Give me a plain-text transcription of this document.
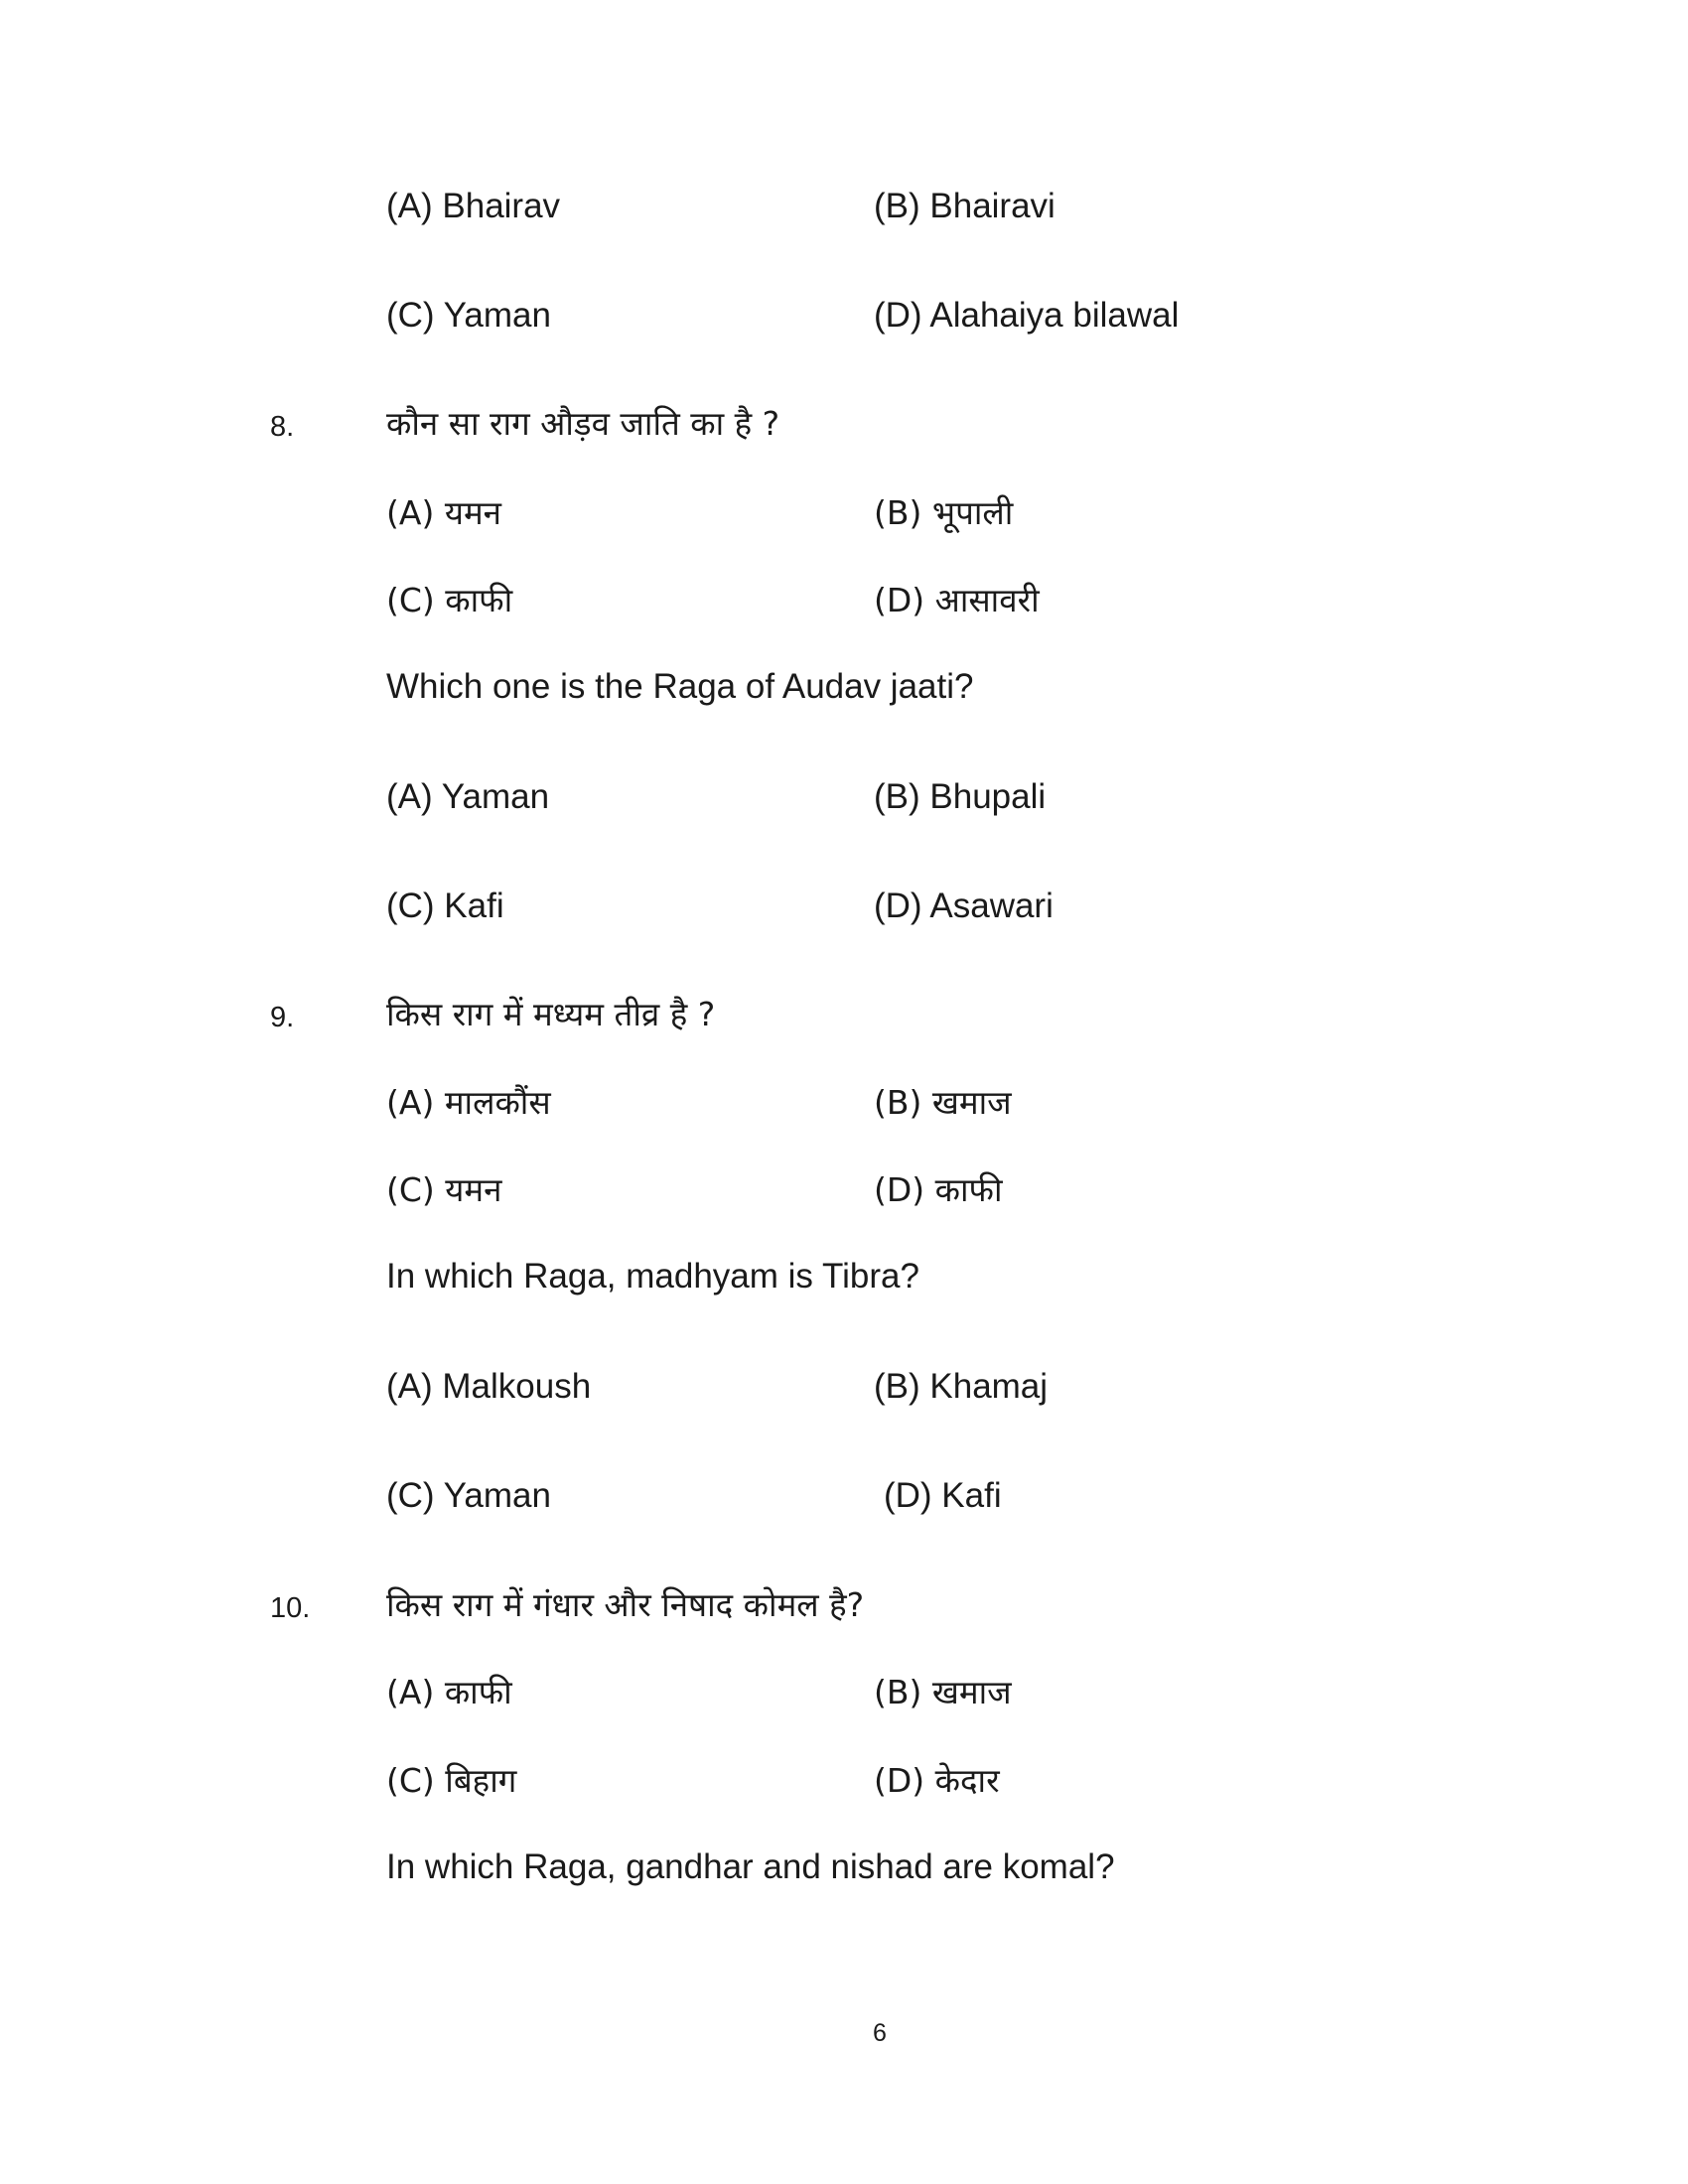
(A) Bhairav	(B) Bhairavi
(C) Yaman	(D) Alahaiya bilawal
8.	कौन सा राग औड़व जाति का है ?
(A) यमन	(B) भूपाली
(C) काफी	(D) आसावरी
Which one is the Raga of Audav jaati?
(A) Yaman	(B) Bhupali
(C) Kafi	(D) Asawari
9.	किस राग में मध्यम तीव्र है ?
(A) मालकौंस	(B) खमाज
(C) यमन	(D) काफी
In which Raga, madhyam is Tibra?
(A) Malkoush	(B) Khamaj
(C) Yaman	(D) Kafi
10. किस राग में गंधार और निषाद कोमल है?
(A) काफी	(B) खमाज
(C) बिहाग	(D) केदार
In which Raga, gandhar and nishad are komal?
6
